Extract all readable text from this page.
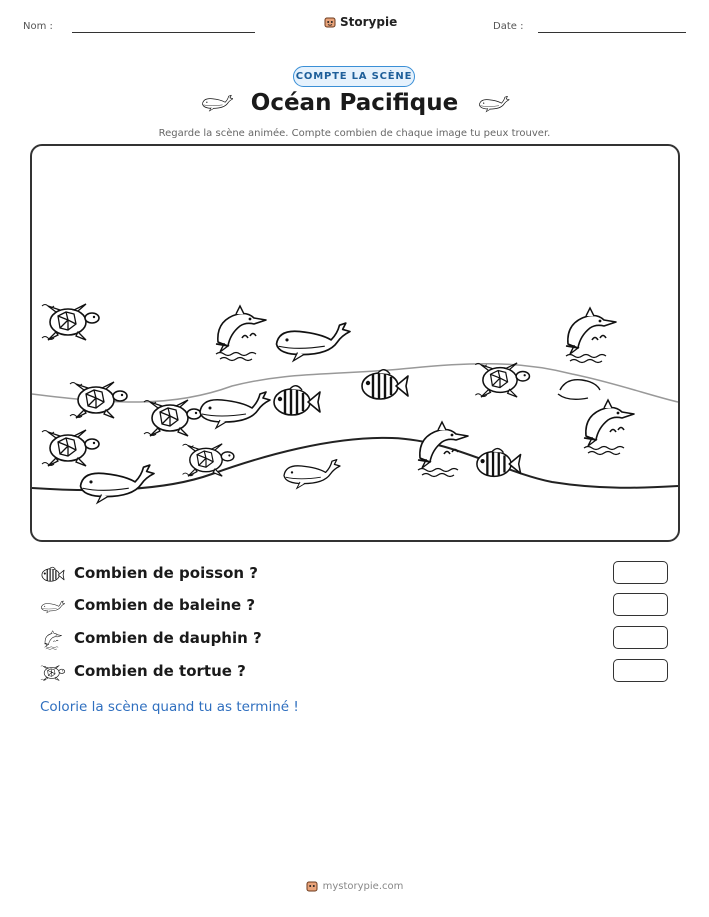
Nom :	Storypie	Date :
COMPTE LA SCÈNE
Océan Pacifique
Regarde la scène animée. Compte combien de chaque image tu peux trouver.
Combien de poisson ?
Combien de baleine ?
Combien de dauphin ?
Combien de tortue ?
Colorie la scène quand tu as terminé !
mystorypie.com
